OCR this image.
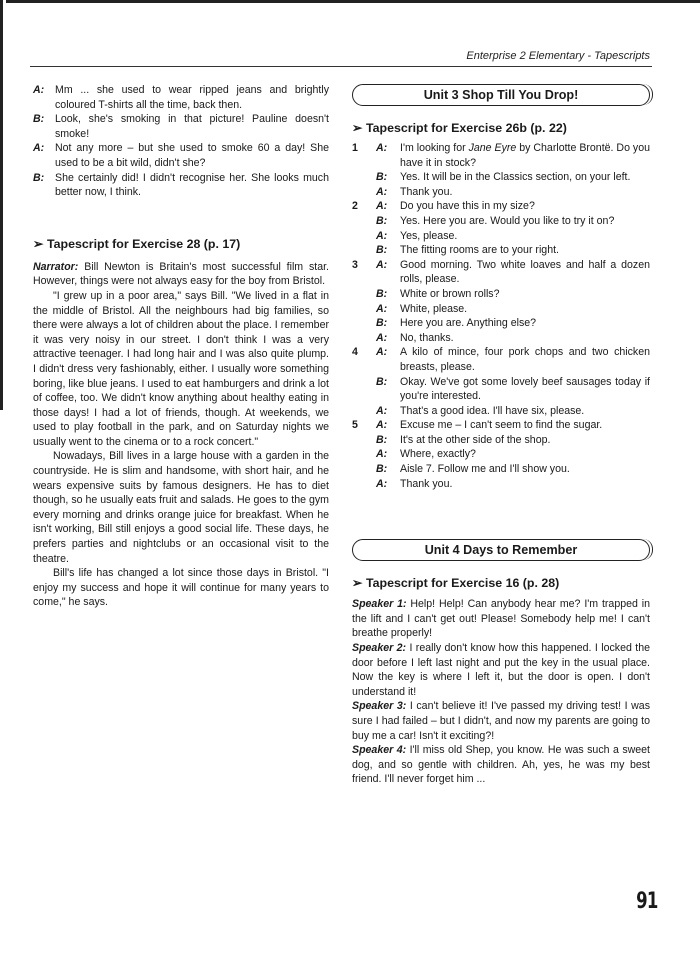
Enterprise 2 Elementary - Tapescripts
A: Mm ... she used to wear ripped jeans and brightly coloured T-shirts all the time, back then.
B: Look, she's smoking in that picture! Pauline doesn't smoke!
A: Not any more – but she used to smoke 60 a day! She used to be a bit wild, didn't she?
B: She certainly did! I didn't recognise her. She looks much better now, I think.
➢ Tapescript for Exercise 28 (p. 17)
Narrator: Bill Newton is Britain's most successful film star. However, things were not always easy for the boy from Bristol.
"I grew up in a poor area," says Bill. "We lived in a flat in the middle of Bristol. All the neighbours had big families, so there were always a lot of children about the place. I remember it was very noisy in our street. I don't think I was a very attractive teenager. I had long hair and I was also quite plump. I didn't dress very fashionably, either. I usually wore something boring, like blue jeans. I used to eat hamburgers and drink a lot of coffee, too. We didn't know anything about healthy eating in those days! I had a lot of friends, though. At weekends, we used to play football in the park, and on Saturday nights we usually went to the cinema or to a rock concert."
Nowadays, Bill lives in a large house with a garden in the countryside. He is slim and handsome, with short hair, and he wears expensive suits by famous designers. He has to diet though, so he usually eats fruit and salads. He goes to the gym every morning and drinks orange juice for breakfast. When he isn't working, Bill still enjoys a good social life. These days, he prefers parties and nightclubs or an occasional visit to the theatre.
Bill's life has changed a lot since those days in Bristol. "I enjoy my success and hope it will continue for many years to come," he says.
Unit 3 Shop Till You Drop!
➢ Tapescript for Exercise 26b (p. 22)
1 A: I'm looking for Jane Eyre by Charlotte Brontë. Do you have it in stock?
B: Yes. It will be in the Classics section, on your left.
A: Thank you.
2 A: Do you have this in my size?
B: Yes. Here you are. Would you like to try it on?
A: Yes, please.
B: The fitting rooms are to your right.
3 A: Good morning. Two white loaves and half a dozen rolls, please.
B: White or brown rolls?
A: White, please.
B: Here you are. Anything else?
A: No, thanks.
4 A: A kilo of mince, four pork chops and two chicken breasts, please.
B: Okay. We've got some lovely beef sausages today if you're interested.
A: That's a good idea. I'll have six, please.
5 A: Excuse me – I can't seem to find the sugar.
B: It's at the other side of the shop.
A: Where, exactly?
B: Aisle 7. Follow me and I'll show you.
A: Thank you.
Unit 4 Days to Remember
➢ Tapescript for Exercise 16 (p. 28)
Speaker 1: Help! Help! Can anybody hear me? I'm trapped in the lift and I can't get out! Please! Somebody help me! I can't breathe properly!
Speaker 2: I really don't know how this happened. I locked the door before I left last night and put the key in the usual place. Now the key is where I left it, but the door is open. I don't understand it!
Speaker 3: I can't believe it! I've passed my driving test! I was sure I had failed – but I didn't, and now my parents are going to buy me a car! Isn't it exciting?!
Speaker 4: I'll miss old Shep, you know. He was such a sweet dog, and so gentle with children. Ah, yes, he was my best friend. I'll never forget him ...
91
